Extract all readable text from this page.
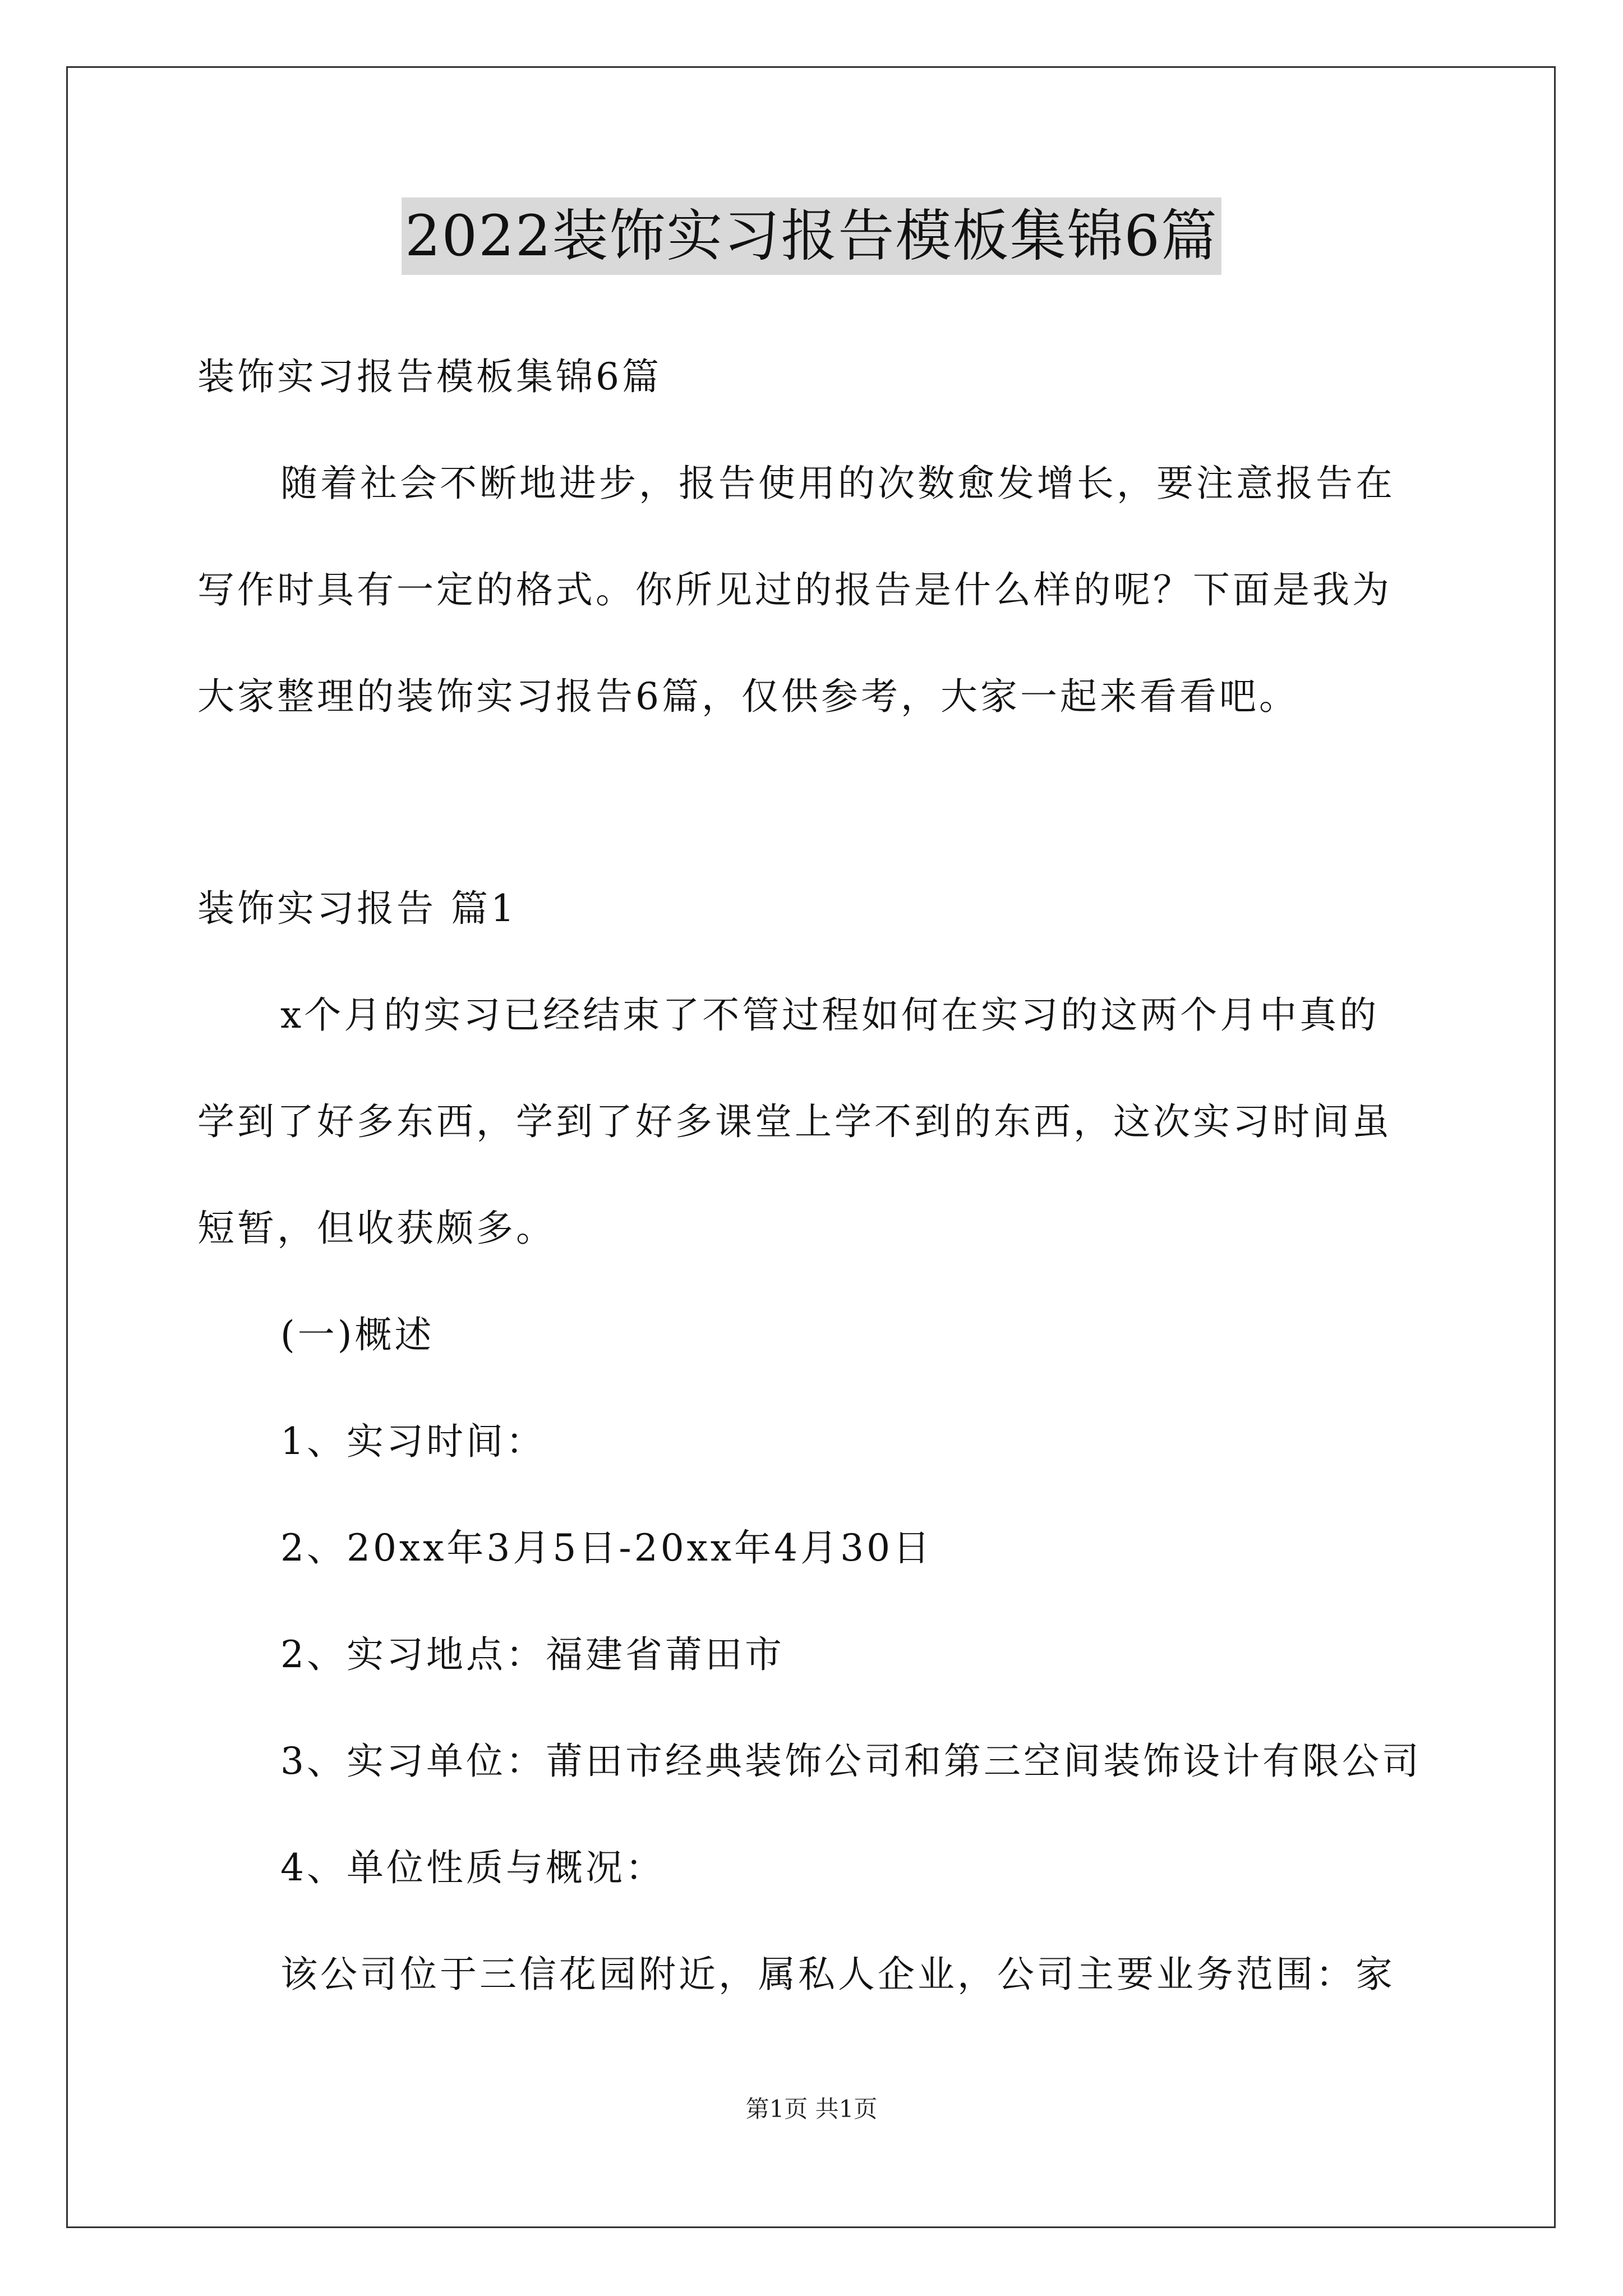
2022装饰实习报告模板集锦6篇
装饰实习报告模板集锦6篇
随着社会不断地进步，报告使用的次数愈发增长，要注意报告在
写作时具有一定的格式。你所见过的报告是什么样的呢？下面是我为
大家整理的装饰实习报告6篇，仅供参考，大家一起来看看吧。
装饰实习报告 篇1
x个月的实习已经结束了不管过程如何在实习的这两个月中真的
学到了好多东西，学到了好多课堂上学不到的东西，这次实习时间虽
短暂，但收获颇多。
(一)概述
1、实习时间：
2、20xx年3月5日-20xx年4月30日
2、实习地点：福建省莆田市
3、实习单位：莆田市经典装饰公司和第三空间装饰设计有限公司
4、单位性质与概况：
该公司位于三信花园附近，属私人企业，公司主要业务范围：家
第1页 共1页
